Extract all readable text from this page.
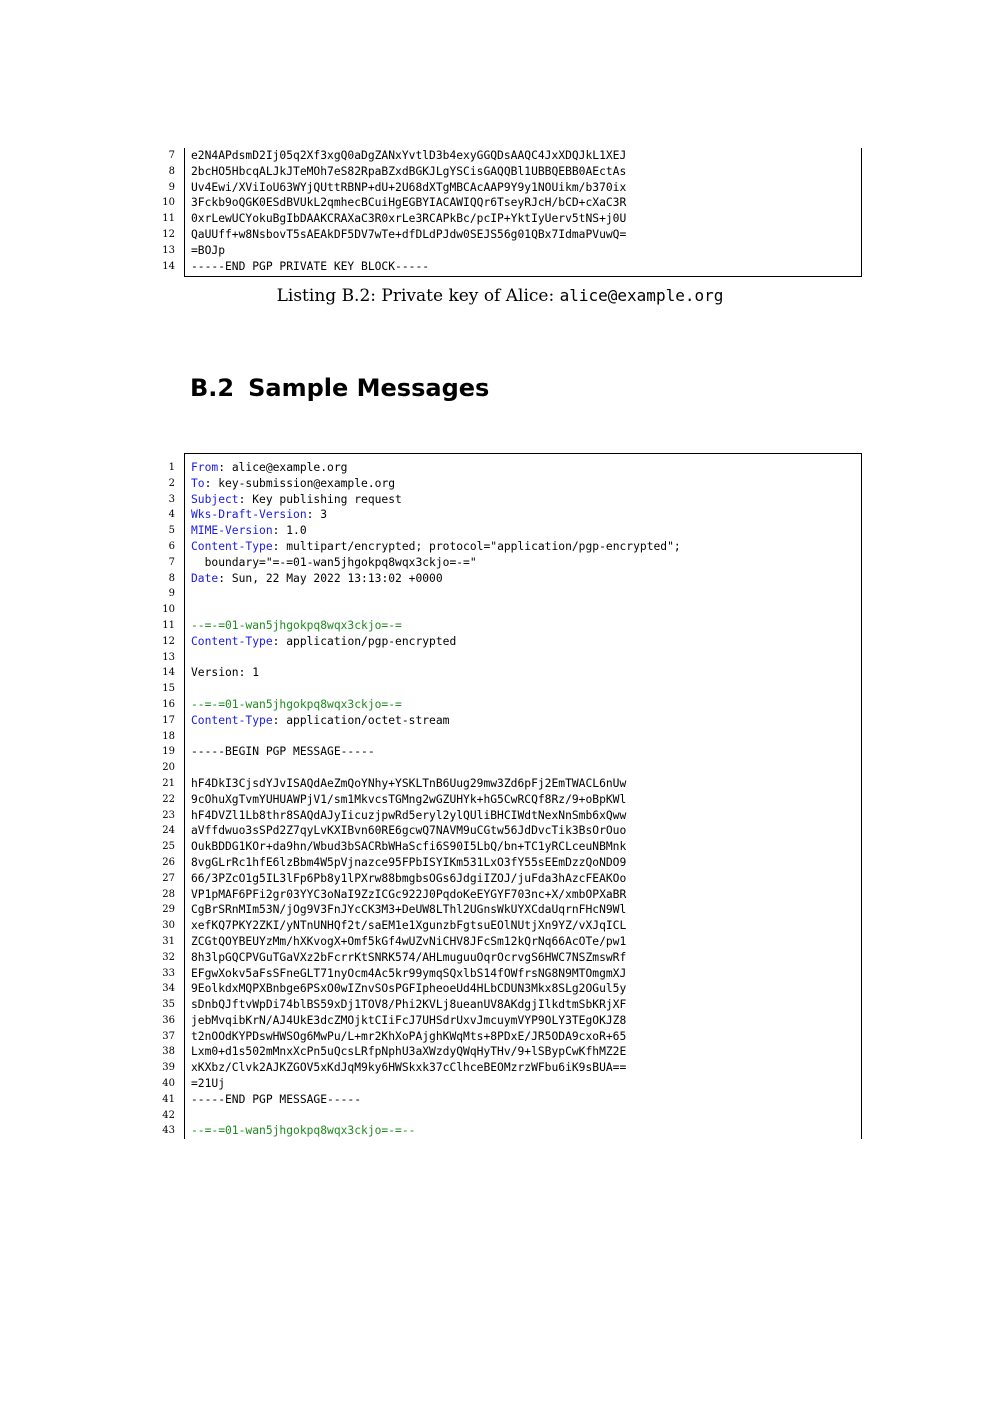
7 e2N4APdsmD2Ij05q2Xf3xgQ0aDgZANxYvtlD3b4exyGGQDsAAQC4JxXDQJkL1XEJ
8 2bcHO5HbcqALJkJTeMOh7eS82RpaBZxdBGKJLgYSCisGAQQBl1UBBQEBB0AEctAs
9 Uv4Ewi/XViIoU63WYjQUttRBNP+dU+2U68dXTgMBCAcAAP9Y9y1NOUikm/b370ix
10 3Fckb9oQGK0ESdBVUkL2qmhecBCuiHgEGBYIACAWIQQr6TseyRJcH/bCD+cXaC3R
11 0xrLewUCYokuBgIbDAAKCRAXaC3R0xrLe3RCAPkBc/pcIP+YktIyUerv5tNS+j0U
12 QaUUff+w8NsbovT5sAEAkDF5DV7wTe+dfDLdPJdw0SEJS56g01QBx7IdmaPVuwQ=
13 =BOJp
14 -----END PGP PRIVATE KEY BLOCK-----
Listing B.2: Private key of Alice: alice@example.org
B.2 Sample Messages
1 From: alice@example.org
2 To: key-submission@example.org
3 Subject: Key publishing request
4 Wks-Draft-Version: 3
5 MIME-Version: 1.0
6 Content-Type: multipart/encrypted; protocol="application/pgp-encrypted";
7 boundary="=-=01-wan5jhgokpq8wqx3ckjo=-="
8 Date: Sun, 22 May 2022 13:13:02 +0000
9
10
11 --=-=01-wan5jhgokpq8wqx3ckjo=-=
12 Content-Type: application/pgp-encrypted
13
14 Version: 1
15
16 --=-=01-wan5jhgokpq8wqx3ckjo=-=
17 Content-Type: application/octet-stream
18
19 -----BEGIN PGP MESSAGE-----
20
21 hF4DkI3CjsdYJvISAQdAeZmQoYNhy+YSKLTnB6Uug29mw3Zd6pFj2EmTWACL6nUw
22 9cOhuXgTvmYUHUAWPjV1/sm1MkvcsTGMng2wGZUHYk+hG5CwRCQf8Rz/9+oBpKWl
23 hF4DVZl1Lb8thr8SAQdAJyIicuzjpwRd5eryl2ylQUliBHCIWdtNexNnSmb6xQww
24 aVffdwuo3sSPd2Z7qyLvKXIBvn60RE6gcwQ7NAVM9uCGtw56JdDvcTik3BsOrOuo
25 OukBDDG1KOr+da9hn/Wbud3bSACRbWHaScfi6S90I5LbQ/bn+TC1yRCLceuNBMnk
26 8vgGLrRc1hfE6lzBbm4W5pVjnazce95FPbISYIKm531LxO3fY55sEEmDzzQoNDO9
27 66/3PZcO1g5IL3lFp6Pb8y1lPXrw88bmgbsOGs6JdgiIZOJ/juFda3hAzcFEAKOo
28 VP1pMAF6PFi2gr03YYC3oNaI9ZzICGc922J0PqdoKeEYGYF703nc+X/xmbOPXaBR
29 CgBrSRnMIm53N/jOg9V3FnJYcCK3M3+DeUW8LThl2UGnsWkUYXCdaUqrnFHcN9Wl
30 xefKQ7PKY2ZKI/yNTnUNHQf2t/saEM1e1XgunzbFgtsuEOlNUtjXn9YZ/vXJqICL
31 ZCGtQOYBEUYzMm/hXKvogX+Omf5kGf4wUZvNiCHV8JFcSm12kQrNq66AcOTe/pw1
32 8h3lpGQCPVGuTGaVXz2bFcrrKtSNRK574/AHLmuguuOqrOcrvgS6HWC7NSZmswRf
33 EFgwXokv5aFsSFneGLT71nyOcm4Ac5kr99ymqSQxlbS14fOWfrsNG8N9MTOmgmXJ
34 9EolkdxMQPXBnbge6PSxO0wIZnvSOsPGFIpheoeUd4HLbCDUN3Mkx8SLg2OGul5y
35 sDnbQJftvWpDi74blBS59xDj1TOV8/Phi2KVLj8ueanUV8AKdgjIlkdtmSbKRjXF
36 jebMvqibKrN/AJ4UkE3dcZMOjktCIiFcJ7UHSdrUxvJmcuymVYP9OLY3TEgOKJZ8
37 t2nOOdKYPDswHWSOg6MwPu/L+mr2KhXoPAjghKWqMts+8PDxE/JR5ODA9cxoR+65
38 Lxm0+d1s502mMnxXcPn5uQcsLRfpNphU3aXWzdyQWqHyTHv/9+lSBypCwKfhMZ2E
39 xKXbz/Clvk2AJKZGOV5xKdJqM9ky6HWSkxk37cClhceBEOMzrzWFbu6iK9sBUA==
40 =21Uj
41 -----END PGP MESSAGE-----
42
43 --=-=01-wan5jhgokpq8wqx3ckjo=-=--
